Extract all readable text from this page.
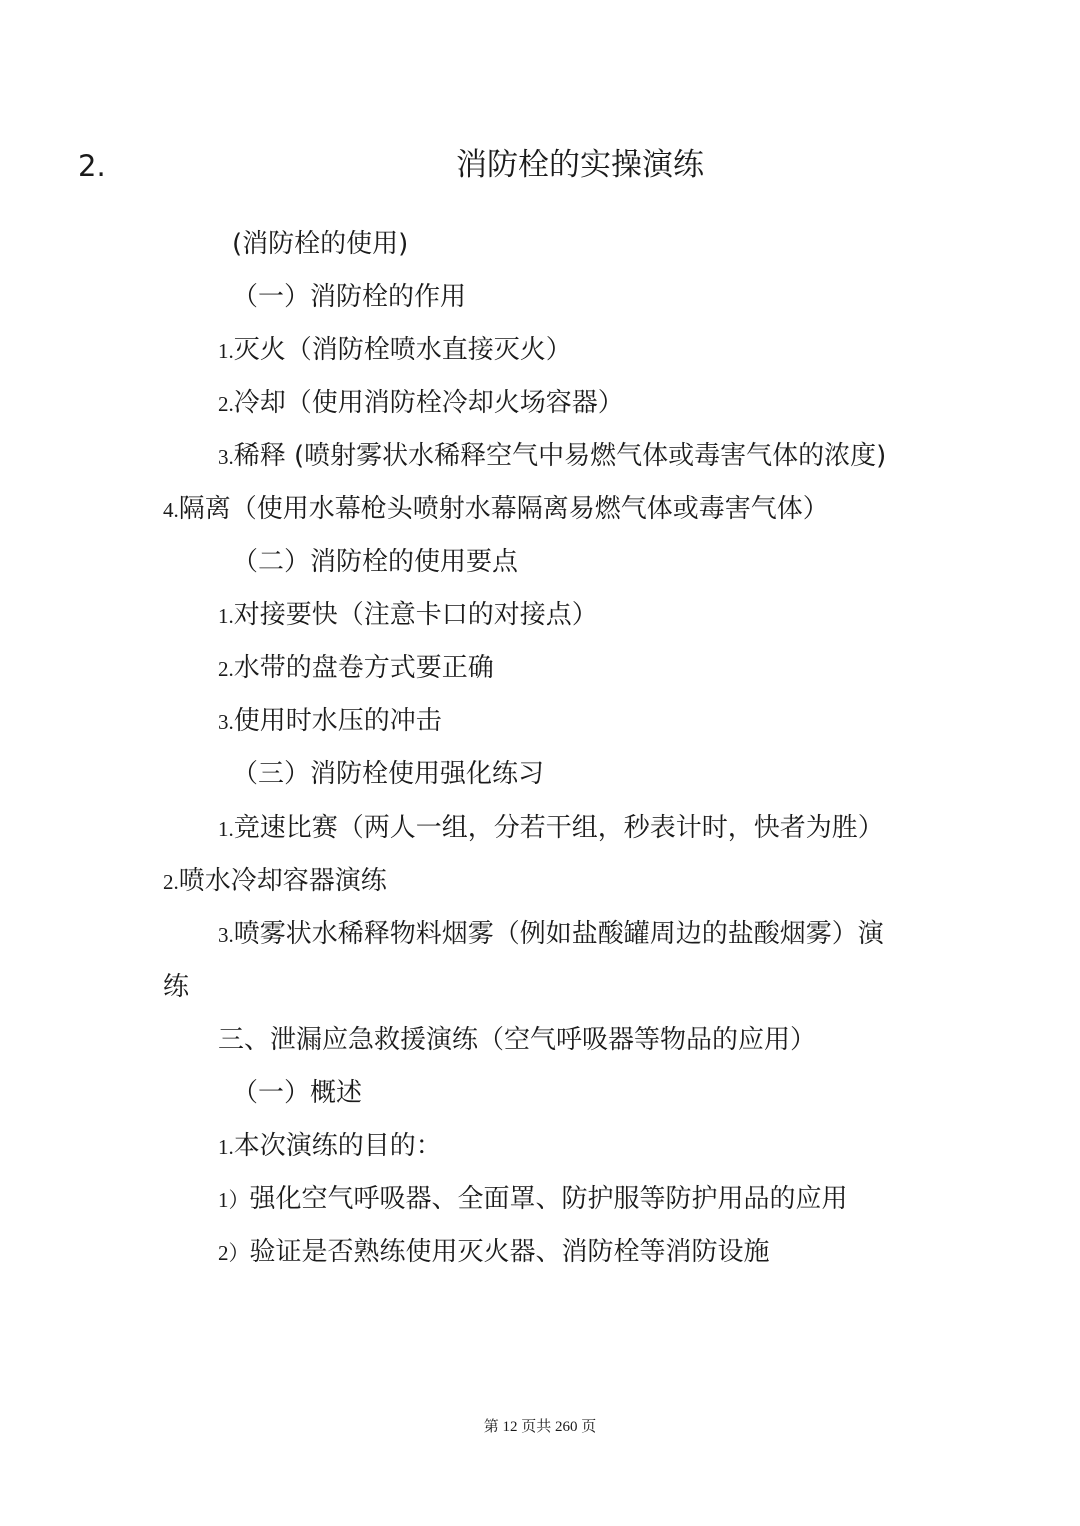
2.	消防栓的实操演练
(消防栓的使用)
（一）消防栓的作用
1.灭火（消防栓喷水直接灭火）
2.冷却（使用消防栓冷却火场容器）
3.稀释 (喷射雾状水稀释空气中易燃气体或毒害气体的浓度)
4.隔离（使用水幕枪头喷射水幕隔离易燃气体或毒害气体）
（二）消防栓的使用要点
1.对接要快（注意卡口的对接点）
2.水带的盘卷方式要正确
3.使用时水压的冲击
（三）消防栓使用强化练习
1.竞速比赛（两人一组，分若干组，秒表计时，快者为胜）
2.喷水冷却容器演练
3.喷雾状水稀释物料烟雾（例如盐酸罐周边的盐酸烟雾）演
练
三、泄漏应急救援演练（空气呼吸器等物品的应用）
（一）概述
1.本次演练的目的：
1）强化空气呼吸器、全面罩、防护服等防护用品的应用
2）验证是否熟练使用灭火器、消防栓等消防设施
第 12 页共 260 页
